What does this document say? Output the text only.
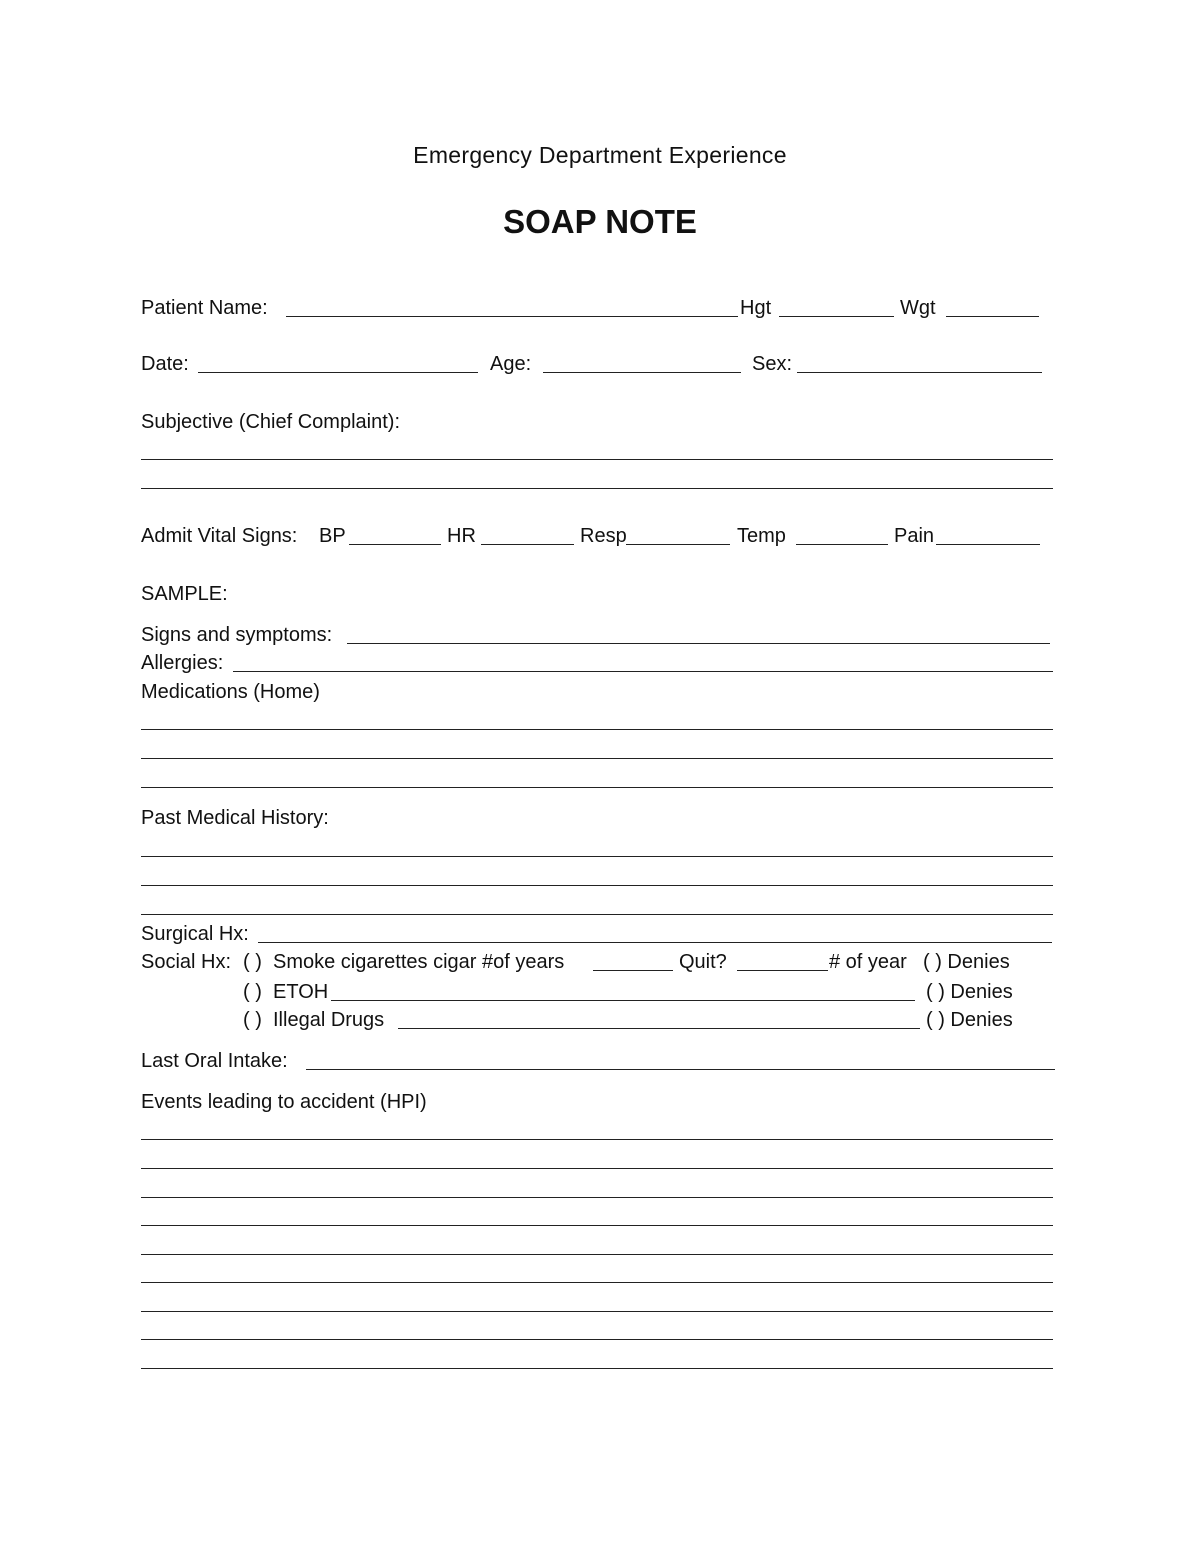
Emergency Department Experience
SOAP NOTE
Patient Name:	Hgt	Wgt
Date:	Age:	Sex:
Subjective (Chief Complaint):
Admit Vital Signs: BP	HR	Resp	Temp	Pain
SAMPLE:
Signs and symptoms:
Allergies:
Medications (Home)
Past Medical History:
Surgical Hx:
Social Hx: ( ) Smoke cigarettes cigar #of years	Quit?	# of year ( ) Denies
( ) ETOH	( ) Denies
( ) Illegal Drugs	( ) Denies
Last Oral Intake:
Events leading to accident (HPI)
